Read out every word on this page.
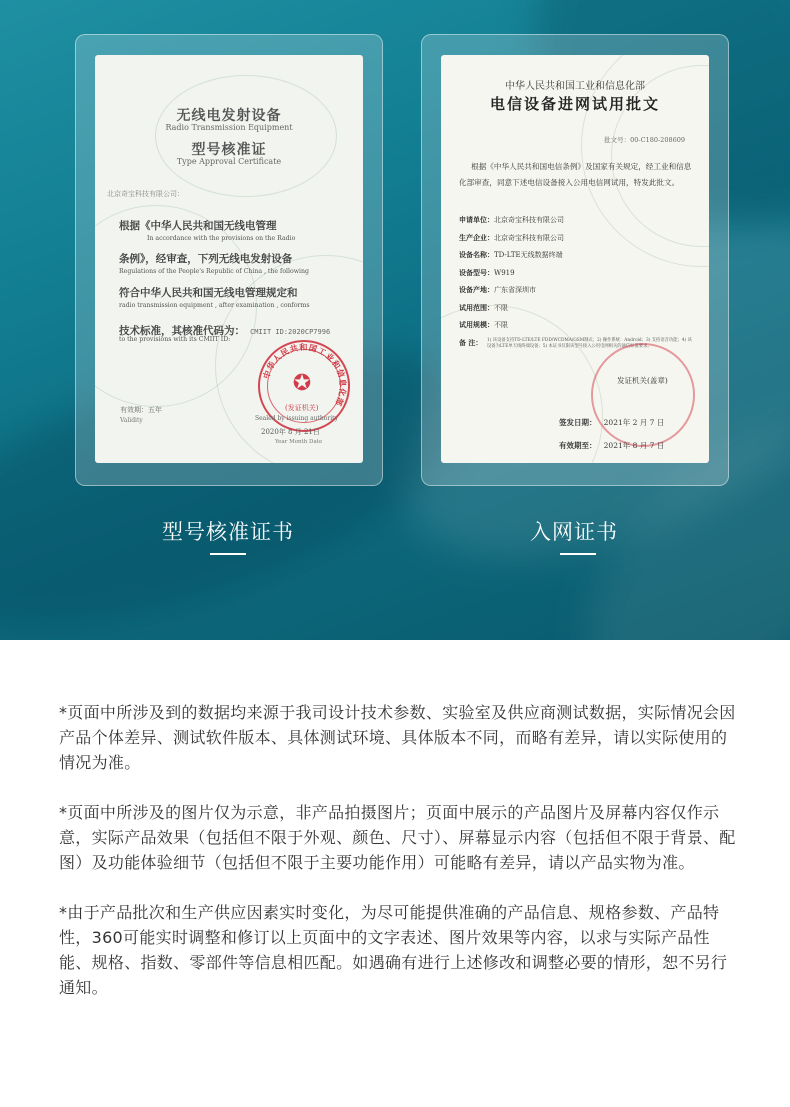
无线电发射设备
Radio Transmission Equipment
型号核准证
Type Approval Certificate
北京奇宝科技有限公司：
根据《中华人民共和国无线电管理
In accordance with the provisions on the Radio
条例》，经审查，下列无线电发射设备
Regulations of the People's Republic of China , the following
符合中华人民共和国无线电管理规定和
radio transmission equipment , after examination , conforms
技术标准，其核准代码为： CMIIT ID:2020CP7996
to the provisions with its CMIIT ID:
中华人民共和国工业和信息化部
✪
(发证机关)
有效期：五年
Validity	Sealed by issuing authority
2020年 8 月 21日
Year Month Date
中华人民共和国工业和信息化部
电信设备进网试用批文
批文号：00-C180-208609
根据《中华人民共和国电信条例》及国家有关规定，经工业和信息化部审查，同意下述电信设备接入公用电信网试用，特发此批文。
申请单位：北京奇宝科技有限公司
生产企业：北京奇宝科技有限公司
设备名称：TD-LTE无线数据终端
设备型号：W919
设备产地：广东省深圳市
试用范围：不限
试用规模：不限
备 注：	1) 该设备支持TD-LTE/LTE FDD/WCDMA/GSM制式；2) 操作系统：Android；3) 支持语音功能；4) 该设备为LTE单天线终端设备；5) 本证书仅限该型号接入公用电网相关的通信标准要求。
发证机关(盖章)
签发日期： 2021年 2 月 7 日
有效期至： 2021年 8 月 7 日
型号核准证书	入网证书

*页面中所涉及到的数据均来源于我司设计技术参数、实验室及供应商测试数据，实际情况会因产品个体差异、测试软件版本、具体测试环境、具体版本不同，而略有差异，请以实际使用的情况为准。

*页面中所涉及的图片仅为示意，非产品拍摄图片；页面中展示的产品图片及屏幕内容仅作示意，实际产品效果（包括但不限于外观、颜色、尺寸）、屏幕显示内容（包括但不限于背景、配图）及功能体验细节（包括但不限于主要功能作用）可能略有差异，请以产品实物为准。

*由于产品批次和生产供应因素实时变化，为尽可能提供准确的产品信息、规格参数、产品特性，360可能实时调整和修订以上页面中的文字表述、图片效果等内容，以求与实际产品性能、规格、指数、零部件等信息相匹配。如遇确有进行上述修改和调整必要的情形，恕不另行通知。
